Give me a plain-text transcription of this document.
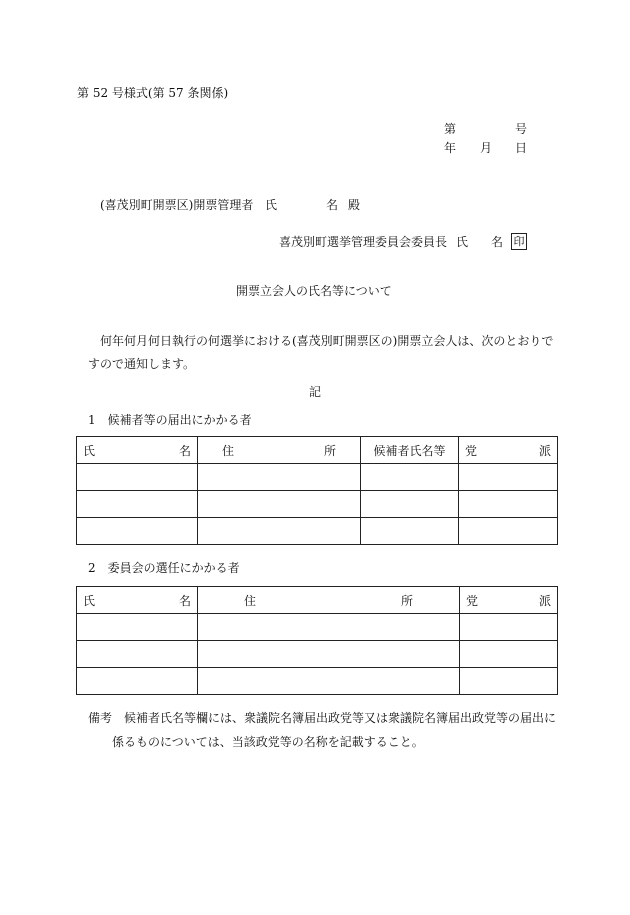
第 52 号様式(第 57 条関係)
第	号
年 月 日
(喜茂別町開票区)開票管理者 氏	名 殿
喜茂別町選挙管理委員会委員長 氏 名 印
開票立会人の氏名等について
何年何月何日執行の何選挙における(喜茂別町開票区の)開票立会人は、次のとおりで
すので通知します。
記
1　候補者等の届出にかかる者
氏 名	住 所	候補者氏名等	党 派

2　委員会の選任にかかる者
氏 名	住 所	党 派

備考 候補者氏名等欄には、衆議院名簿届出政党等又は衆議院名簿届出政党等の届出に
係るものについては、当該政党等の名称を記載すること。
